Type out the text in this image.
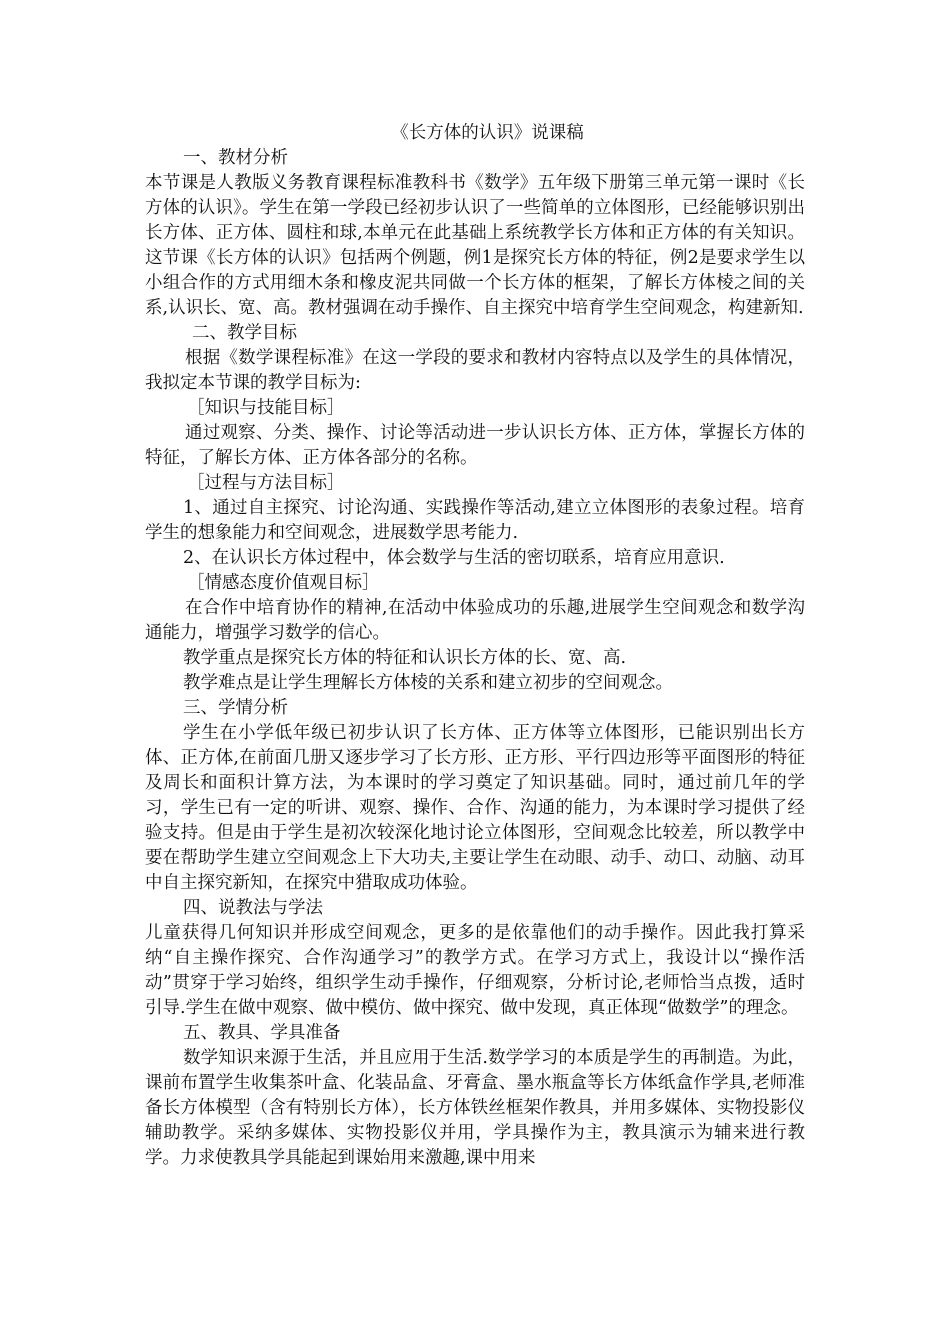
《长方体的认识》说课稿

一、教材分析

本节课是人教版义务教育课程标准教科书《数学》五年级下册第三单元第一课时《长方体的认识》。学生在第一学段已经初步认识了一些简单的立体图形，已经能够识别出长方体、正方体、圆柱和球,本单元在此基础上系统教学长方体和正方体的有关知识。这节课《长方体的认识》包括两个例题，例1是探究长方体的特征，例2是要求学生以小组合作的方式用细木条和橡皮泥共同做一个长方体的框架，了解长方体棱之间的关系,认识长、宽、高。教材强调在动手操作、自主探究中培育学生空间观念，构建新知.

二、教学目标

根据《数学课程标准》在这一学段的要求和教材内容特点以及学生的具体情况，我拟定本节课的教学目标为:

［知识与技能目标］

通过观察、分类、操作、讨论等活动进一步认识长方体、正方体，掌握长方体的特征，了解长方体、正方体各部分的名称。

［过程与方法目标］

1、通过自主探究、讨论沟通、实践操作等活动,建立立体图形的表象过程。培育学生的想象能力和空间观念，进展数学思考能力.

2、在认识长方体过程中，体会数学与生活的密切联系，培育应用意识.

［情感态度价值观目标］

在合作中培育协作的精神,在活动中体验成功的乐趣,进展学生空间观念和数学沟通能力，增强学习数学的信心。

教学重点是探究长方体的特征和认识长方体的长、宽、高.

教学难点是让学生理解长方体棱的关系和建立初步的空间观念。

三、学情分析

学生在小学低年级已初步认识了长方体、正方体等立体图形，已能识别出长方体、正方体,在前面几册又逐步学习了长方形、正方形、平行四边形等平面图形的特征及周长和面积计算方法，为本课时的学习奠定了知识基础。同时，通过前几年的学习，学生已有一定的听讲、观察、操作、合作、沟通的能力，为本课时学习提供了经验支持。但是由于学生是初次较深化地讨论立体图形，空间观念比较差，所以教学中要在帮助学生建立空间观念上下大功夫,主要让学生在动眼、动手、动口、动脑、动耳中自主探究新知，在探究中猎取成功体验。

四、说教法与学法

儿童获得几何知识并形成空间观念，更多的是依靠他们的动手操作。因此我打算采纳“自主操作探究、合作沟通学习”的教学方式。在学习方式上，我设计以“操作活动”贯穿于学习始终，组织学生动手操作，仔细观察，分析讨论,老师恰当点拨，适时引导.学生在做中观察、做中模仿、做中探究、做中发现，真正体现“做数学”的理念。

五、教具、学具准备

数学知识来源于生活，并且应用于生活.数学学习的本质是学生的再制造。为此，课前布置学生收集茶叶盒、化装品盒、牙膏盒、墨水瓶盒等长方体纸盒作学具,老师准备长方体模型（含有特别长方体），长方体铁丝框架作教具，并用多媒体、实物投影仪辅助教学。采纳多媒体、实物投影仪并用，学具操作为主，教具演示为辅来进行教学。力求使教具学具能起到课始用来激趣,课中用来
